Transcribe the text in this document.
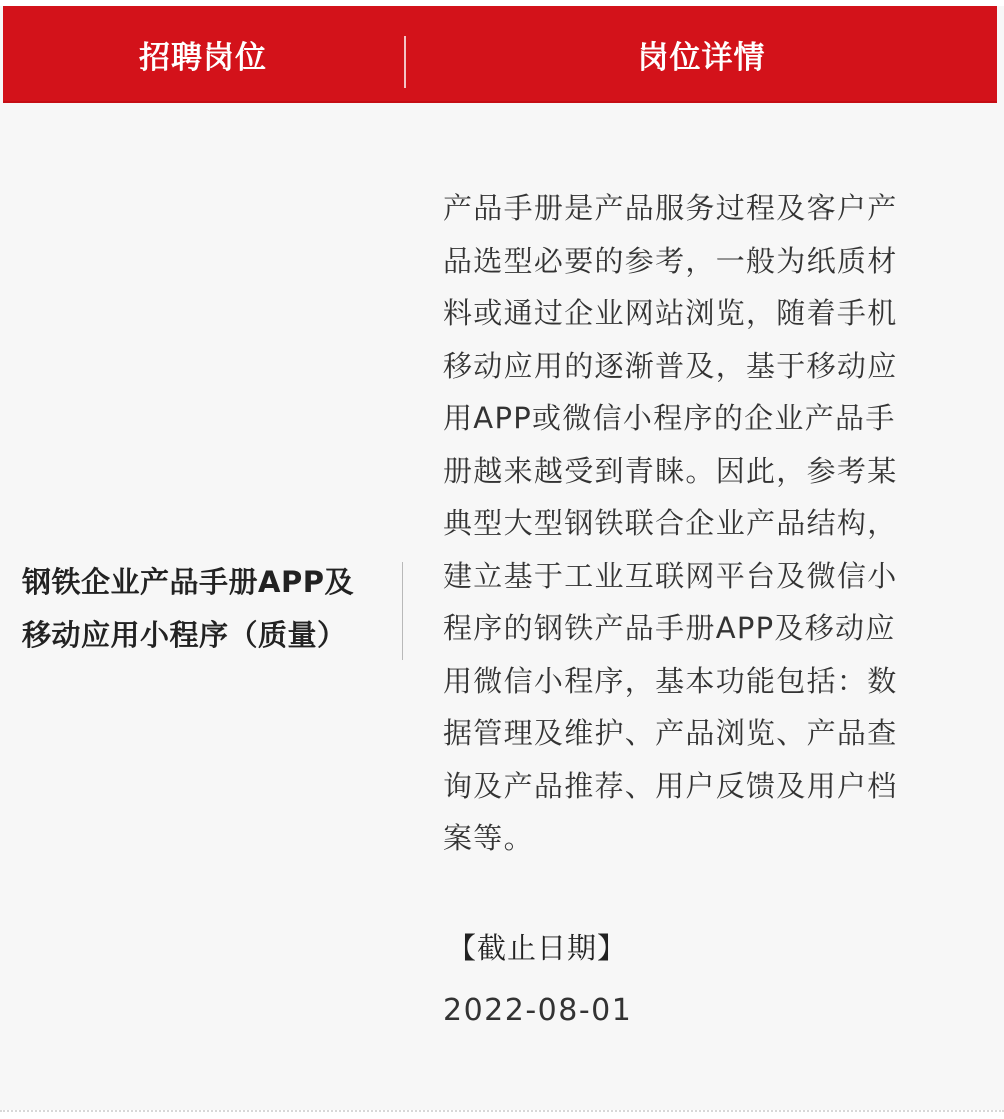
招聘岗位	岗位详情
钢铁企业产品手册APP及
移动应用小程序（质量）
产品手册是产品服务过程及客户产
品选型必要的参考，一般为纸质材
料或通过企业网站浏览，随着手机
移动应用的逐渐普及，基于移动应
用APP或微信小程序的企业产品手
册越来越受到青睐。因此，参考某
典型大型钢铁联合企业产品结构，
建立基于工业互联网平台及微信小
程序的钢铁产品手册APP及移动应
用微信小程序，基本功能包括：数
据管理及维护、产品浏览、产品查
询及产品推荐、用户反馈及用户档
案等。
【截止日期】
2022-08-01
